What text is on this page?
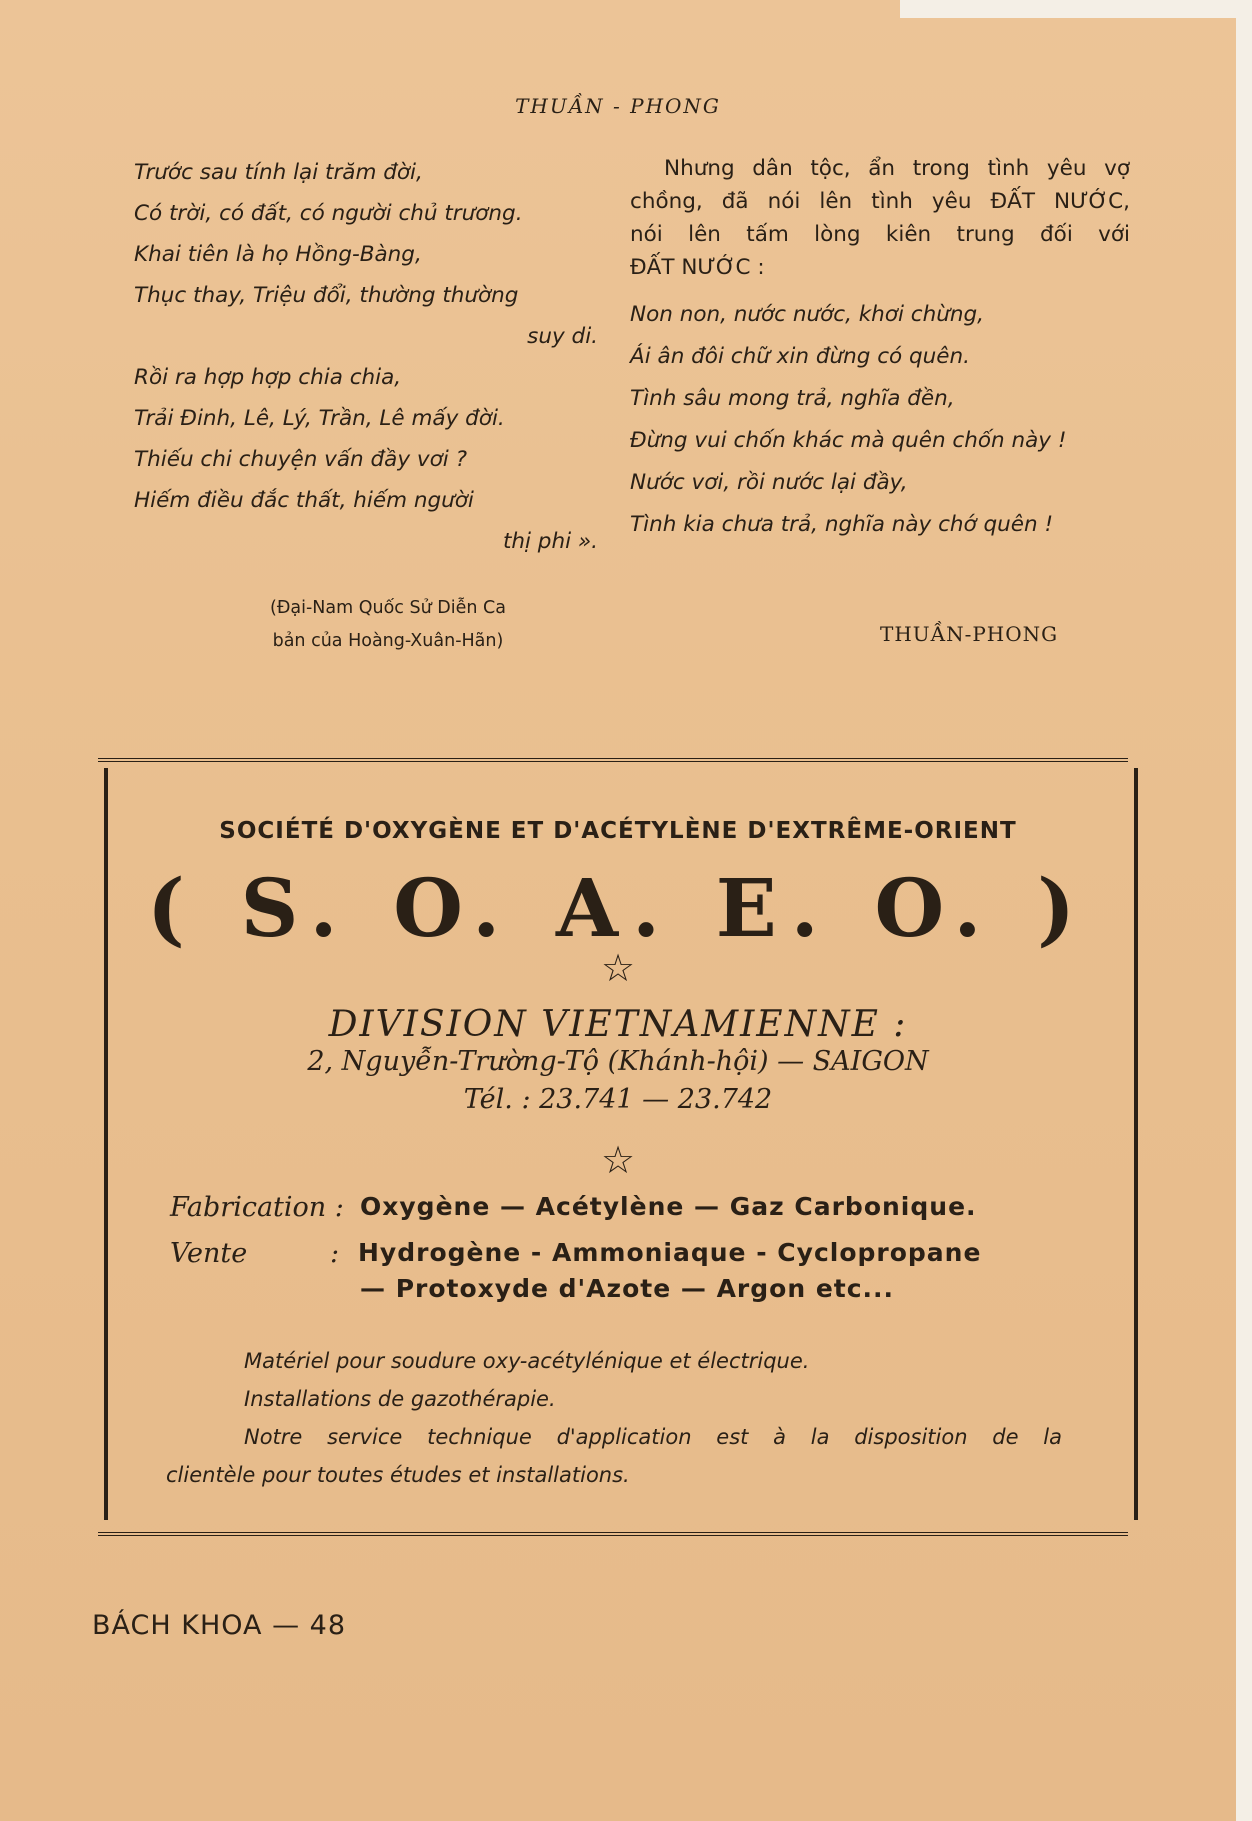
THUẦN - PHONG
Trước sau tính lại trăm đời,
Có trời, có đất, có người chủ trương.
Khai tiên là họ Hồng-Bàng,
Thục thay, Triệu đổi, thường thường
suy di.
Rồi ra hợp hợp chia chia,
Trải Đinh, Lê, Lý, Trần, Lê mấy đời.
Thiếu chi chuyện vấn đầy vơi ?
Hiếm điều đắc thất, hiếm người
thị phi ».
Nhưng dân tộc, ẩn trong tình yêu vợ
chồng, đã nói lên tình yêu ĐẤT NƯỚC,
nói lên tấm lòng kiên trung đối với
ĐẤT NƯỚC :
Non non, nước nước, khơi chừng,
Ái ân đôi chữ xin đừng có quên.
Tình sâu mong trả, nghĩa đền,
Đừng vui chốn khác mà quên chốn này !
Nước vơi, rồi nước lại đầy,
Tình kia chưa trả, nghĩa này chớ quên !
(Đại-Nam Quốc Sử Diễn Ca
bản của Hoàng-Xuân-Hãn)	THUẦN-PHONG
SOCIÉTÉ D'OXYGÈNE ET D'ACÉTYLÈNE D'EXTRÊME-ORIENT
( S. O. A. E. O. )
☆
DIVISION VIETNAMIENNE :
2, Nguyễn-Trường-Tộ (Khánh-hội) — SAIGON
Tél. : 23.741 — 23.742
☆
Fabrication : Oxygène — Acétylène — Gaz Carbonique.
Vente	: Hydrogène - Ammoniaque - Cyclopropane
— Protoxyde d'Azote — Argon etc...
Matériel pour soudure oxy-acétylénique et électrique.
Installations de gazothérapie.
Notre service technique d'application est à la disposition de la
clientèle pour toutes études et installations.
BÁCH KHOA — 48
